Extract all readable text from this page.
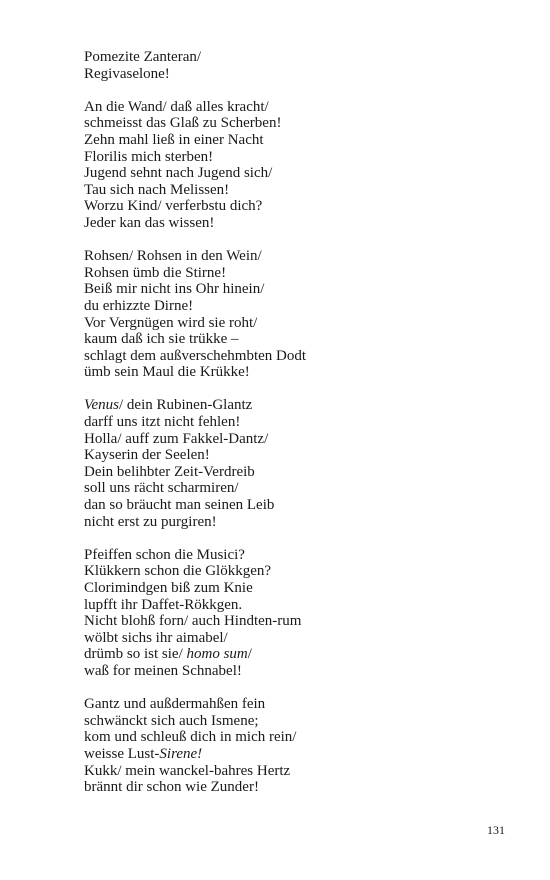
Pomezite Zanteran/
Regivaselone!
An die Wand/ daß alles kracht/
schmeisst das Glaß zu Scherben!
Zehn mahl ließ in einer Nacht
Florilis mich sterben!
Jugend sehnt nach Jugend sich/
Tau sich nach Melissen!
Worzu Kind/ verferbstu dich?
Jeder kan das wissen!
Rohsen/ Rohsen in den Wein/
Rohsen ümb die Stirne!
Beiß mir nicht ins Ohr hinein/
du erhizzte Dirne!
Vor Vergnügen wird sie roht/
kaum daß ich sie trükke –
schlagt dem außverschehmbten Dodt
ümb sein Maul die Krükke!
Venus/ dein Rubinen-Glantz
darff uns itzt nicht fehlen!
Holla/ auff zum Fakkel-Dantz/
Kayserin der Seelen!
Dein belihbter Zeit-Verdreib
soll uns rächt scharmiren/
dan so bräucht man seinen Leib
nicht erst zu purgiren!
Pfeiffen schon die Musici?
Klükkern schon die Glökkgen?
Clorimindgen biß zum Knie
lupfft ihr Daffet-Rökkgen.
Nicht blohß forn/ auch Hindten-rum
wölbt sichs ihr aimabel/
drümb so ist sie/ homo sum/
waß for meinen Schnabel!
Gantz und außdermahßen fein
schwänckt sich auch Ismene;
kom und schleuß dich in mich rein/
weisse Lust-Sirene!
Kukk/ mein wanckel-bahres Hertz
brännt dir schon wie Zunder!
131
